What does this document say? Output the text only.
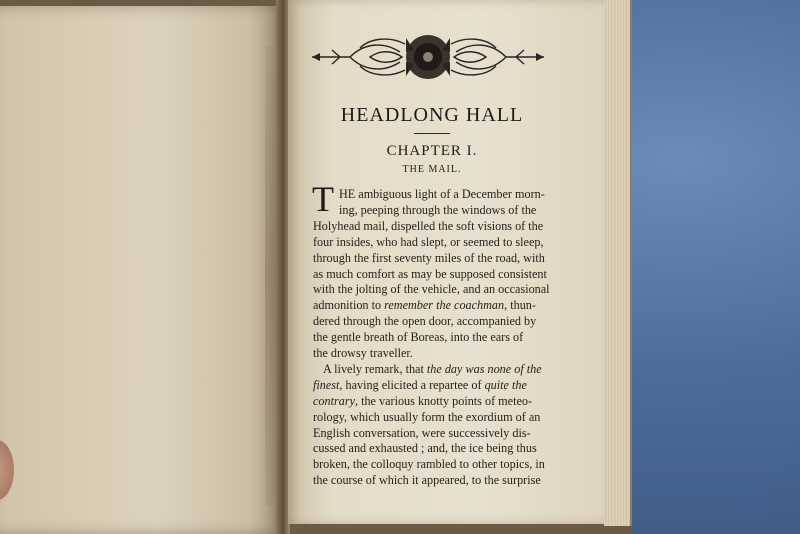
HEADLONG HALL
CHAPTER I.
THE MAIL.
T HE ambiguous light of a December morn-
ing, peeping through the windows of the
Holyhead mail, dispelled the soft visions of the
four insides, who had slept, or seemed to sleep,
through the first seventy miles of the road, with
as much comfort as may be supposed consistent
with the jolting of the vehicle, and an occasional
admonition to remember the coachman, thun-
dered through the open door, accompanied by
the gentle breath of Boreas, into the ears of
the drowsy traveller.
A lively remark, that the day was none of the
finest, having elicited a repartee of quite the
contrary, the various knotty points of meteo-
rology, which usually form the exordium of an
English conversation, were successively dis-
cussed and exhausted ; and, the ice being thus
broken, the colloquy rambled to other topics, in
the course of which it appeared, to the surprise
